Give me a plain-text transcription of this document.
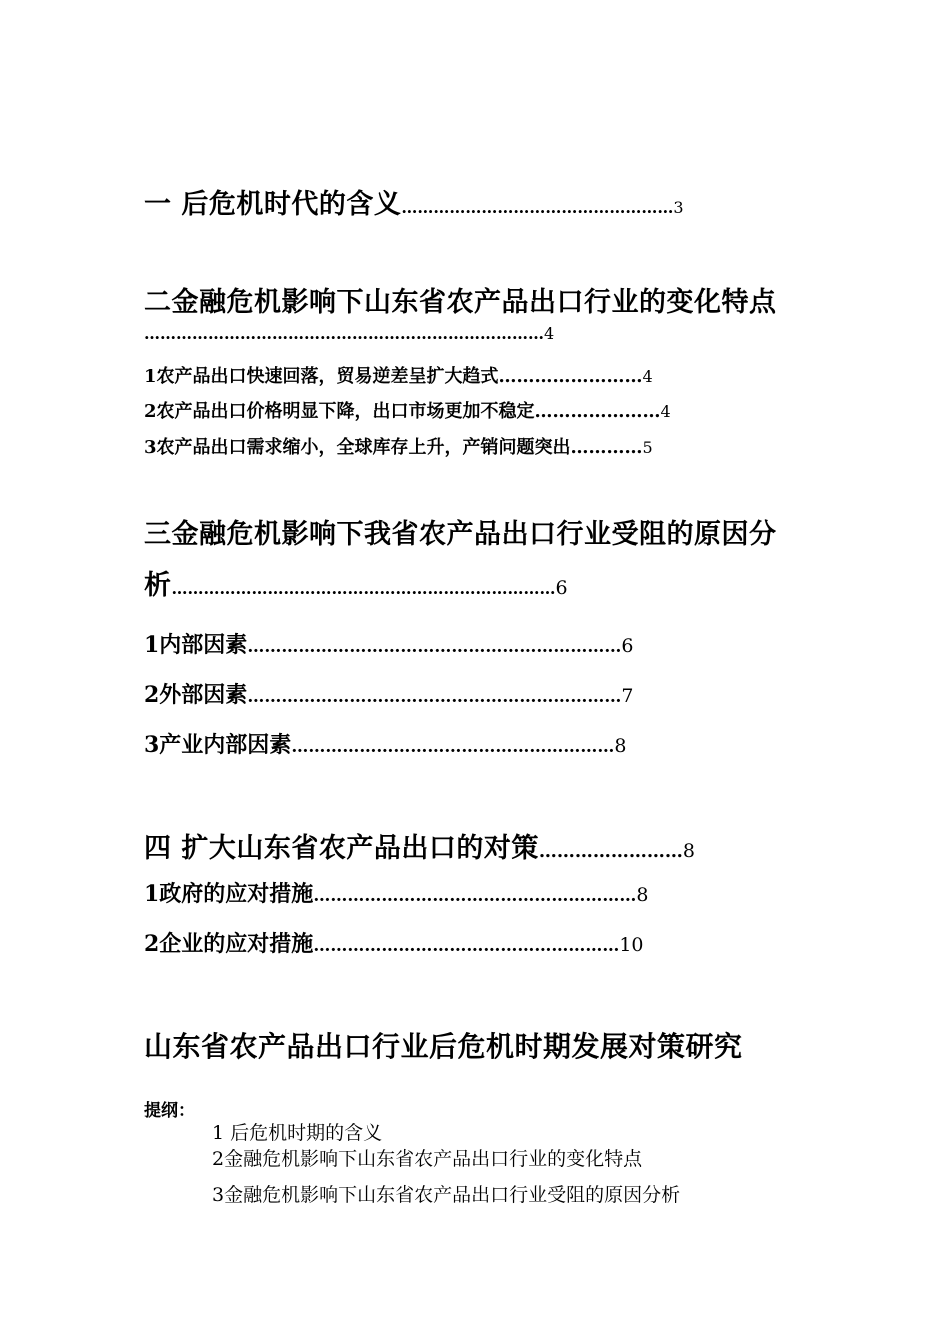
一 后危机时代的含义……………………………………………3
二金融危机影响下山东省农产品出口行业的变化特点
…………………………………………………………………4
1农产品出口快速回落，贸易逆差呈扩大趋式……………………4
2农产品出口价格明显下降，出口市场更加不稳定…………………4
3农产品出口需求缩小，全球库存上升，产销问题突出…………5
三金融危机影响下我省农产品出口行业受阻的原因分
析………………………………………………………………6
1内部因素…………………………………………………………6
2外部因素…………………………………………………………7
3产业内部因素…………………………………………………8
四 扩大山东省农产品出口的对策……………………8
1政府的应对措施…………………………………………………8
2企业的应对措施………………………………………………10
山东省农产品出口行业后危机时期发展对策研究
提纲：
1 后危机时期的含义
2金融危机影响下山东省农产品出口行业的变化特点
3金融危机影响下山东省农产品出口行业受阻的原因分析
